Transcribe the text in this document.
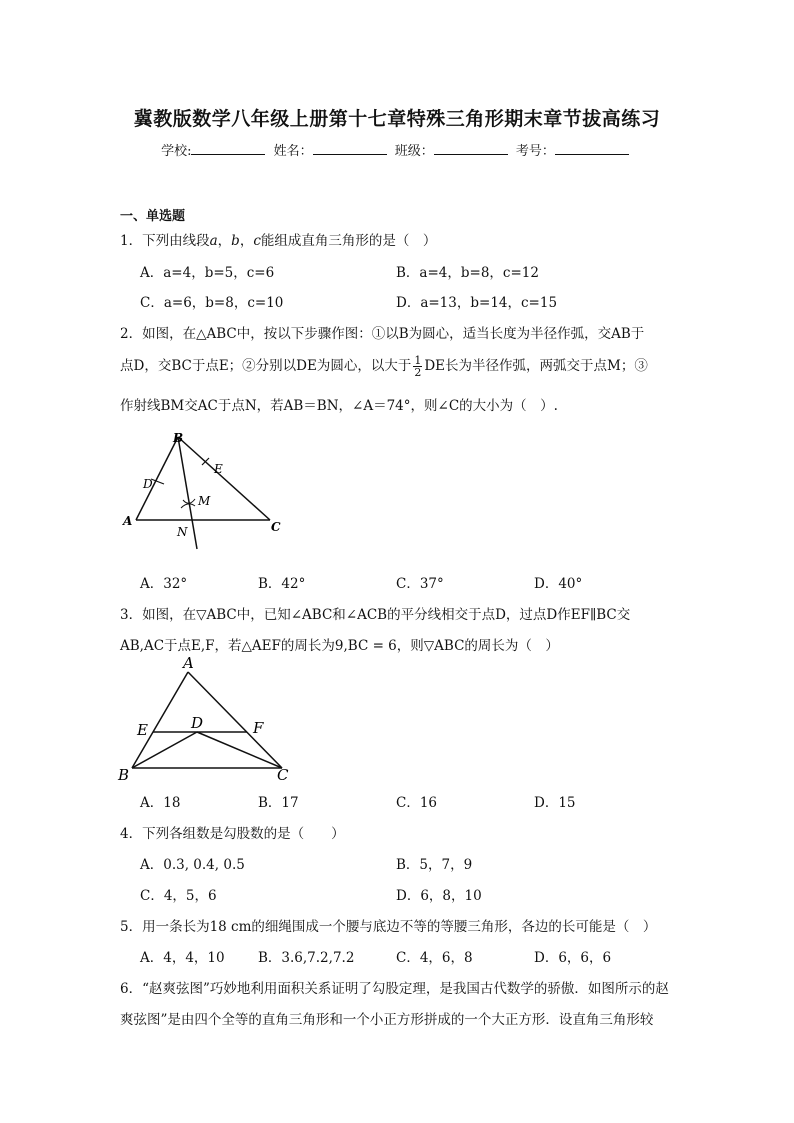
冀教版数学八年级上册第十七章特殊三角形期末章节拔高练习
学校:	姓名：	班级：	考号：
一、单选题
1．下列由线段a，b，c能组成直角三角形的是（　）
A．a=4，b=5，c=6	B．a=4，b=8，c=12
C．a=6，b=8，c=10	D．a=13，b=14，c=15
2．如图，在△ABC中，按以下步骤作图：①以B为圆心，适当长度为半径作弧，交AB于
点D，交BC于点E；②分别以DE为圆心，以大于 $\frac{1}{2}$ DE长为半径作弧，两弧交于点M；③
作射线BM交AC于点N，若AB＝BN，∠A＝74°，则∠C的大小为（　）.
B
E
D
M
A	C
N
A．32°	B．42°	C．37°	D．40°
3．如图，在▽ABC中，已知∠ABC和∠ACB的平分线相交于点D，过点D作EF∥BC交
AB,AC于点E,F，若△AEF的周长为9,BC = 6，则▽ABC的周长为（　）
A
E	D	F
B	C
A．18	B．17	C．16	D．15
4．下列各组数是勾股数的是（　　）
A．0.3, 0.4, 0.5	B．5，7，9
C．4，5，6	D．6，8，10
5．用一条长为18 cm的细绳围成一个腰与底边不等的等腰三角形，各边的长可能是（　）
A．4，4，10 B．3.6,7.2,7.2	C．4，6，8	D．6，6，6
6．“赵爽弦图”巧妙地利用面积关系证明了勾股定理，是我国古代数学的骄傲．如图所示的赵
爽弦图”是由四个全等的直角三角形和一个小正方形拼成的一个大正方形．设直角三角形较
